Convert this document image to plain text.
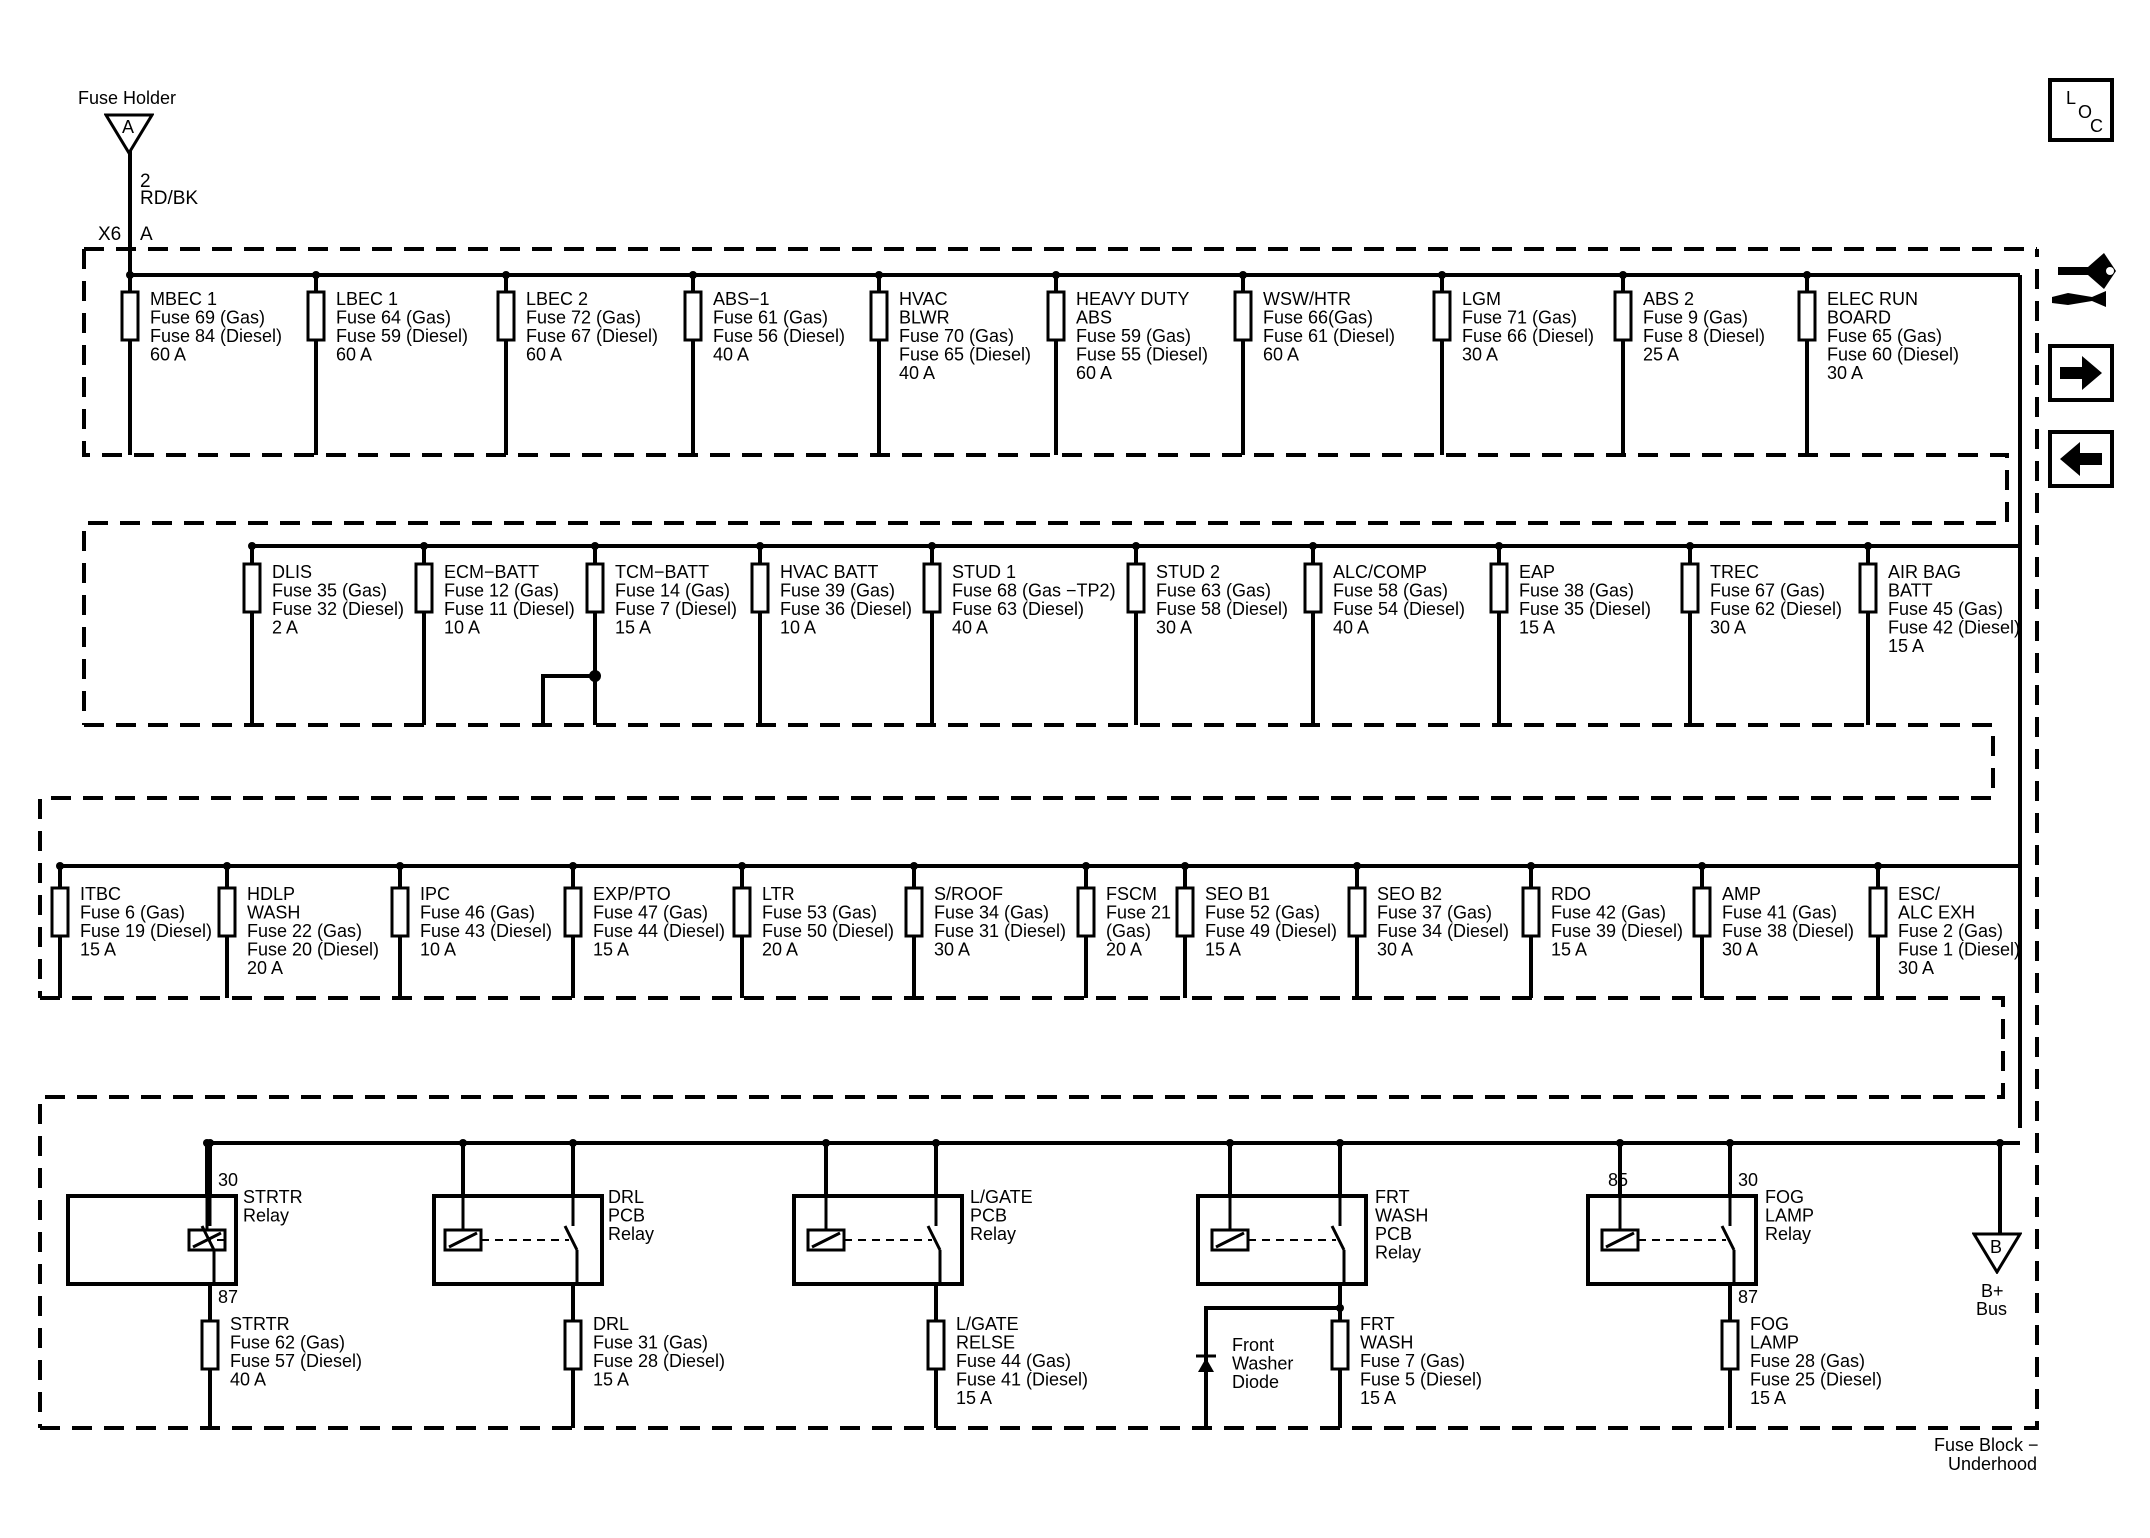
MBEC 1
Fuse 69 (Gas)
Fuse 84 (Diesel)
60 A
LBEC 1
Fuse 64 (Gas)
Fuse 59 (Diesel)
60 A
LBEC 2
Fuse 72 (Gas)
Fuse 67 (Diesel)
60 A
ABS−1
Fuse 61 (Gas)
Fuse 56 (Diesel)
40 A
HVAC
BLWR
Fuse 70 (Gas)
Fuse 65 (Diesel)
40 A
HEAVY DUTY
ABS
Fuse 59 (Gas)
Fuse 55 (Diesel)
60 A
WSW/HTR
Fuse 66(Gas)
Fuse 61 (Diesel)
60 A
LGM
Fuse 71 (Gas)
Fuse 66 (Diesel)
30 A
ABS 2
Fuse 9 (Gas)
Fuse 8 (Diesel)
25 A
ELEC RUN
BOARD
Fuse 65 (Gas)
Fuse 60 (Diesel)
30 A
DLIS
Fuse 35 (Gas)
Fuse 32 (Diesel)
2 A
ECM−BATT
Fuse 12 (Gas)
Fuse 11 (Diesel)
10 A
TCM−BATT
Fuse 14 (Gas)
Fuse 7 (Diesel)
15 A
HVAC BATT
Fuse 39 (Gas)
Fuse 36 (Diesel)
10 A
STUD 1
Fuse 68 (Gas −TP2)
Fuse 63 (Diesel)
40 A
STUD 2
Fuse 63 (Gas)
Fuse 58 (Diesel)
30 A
ALC/COMP
Fuse 58 (Gas)
Fuse 54 (Diesel)
40 A
EAP
Fuse 38 (Gas)
Fuse 35 (Diesel)
15 A
TREC
Fuse 67 (Gas)
Fuse 62 (Diesel)
30 A
AIR BAG
BATT
Fuse 45 (Gas)
Fuse 42 (Diesel)
15 A
ITBC
Fuse 6 (Gas)
Fuse 19 (Diesel)
15 A
HDLP
WASH
Fuse 22 (Gas)
Fuse 20 (Diesel)
20 A
IPC
Fuse 46 (Gas)
Fuse 43 (Diesel)
10 A
EXP/PTO
Fuse 47 (Gas)
Fuse 44 (Diesel)
15 A
LTR
Fuse 53 (Gas)
Fuse 50 (Diesel)
20 A
S/ROOF
Fuse 34 (Gas)
Fuse 31 (Diesel)
30 A
FSCM
Fuse 21
(Gas)
20 A
SEO B1
Fuse 52 (Gas)
Fuse 49 (Diesel)
15 A
SEO B2
Fuse 37 (Gas)
Fuse 34 (Diesel)
30 A
RDO
Fuse 42 (Gas)
Fuse 39 (Diesel)
15 A
AMP
Fuse 41 (Gas)
Fuse 38 (Diesel)
30 A
ESC/
ALC EXH
Fuse 2 (Gas)
Fuse 1 (Diesel)
30 A
STRTR
Relay
STRTR
Fuse 62 (Gas)
Fuse 57 (Diesel)
40 A
30
87
DRL
PCB
Relay
DRL
Fuse 31 (Gas)
Fuse 28 (Diesel)
15 A
L/GATE
PCB
Relay
L/GATE
RELSE
Fuse 44 (Gas)
Fuse 41 (Diesel)
15 A
FRT
WASH
PCB
Relay
FRT
WASH
Fuse 7 (Gas)
Fuse 5 (Diesel)
15 A
FOG
LAMP
Relay
FOG
LAMP
Fuse 28 (Gas)
Fuse 25 (Diesel)
15 A
30
87
85
Front
Washer
Diode
Fuse Holder
A
2
RD/BK
X6 A
L
O
C
B
B+
Bus
Fuse Block −
Underhood
